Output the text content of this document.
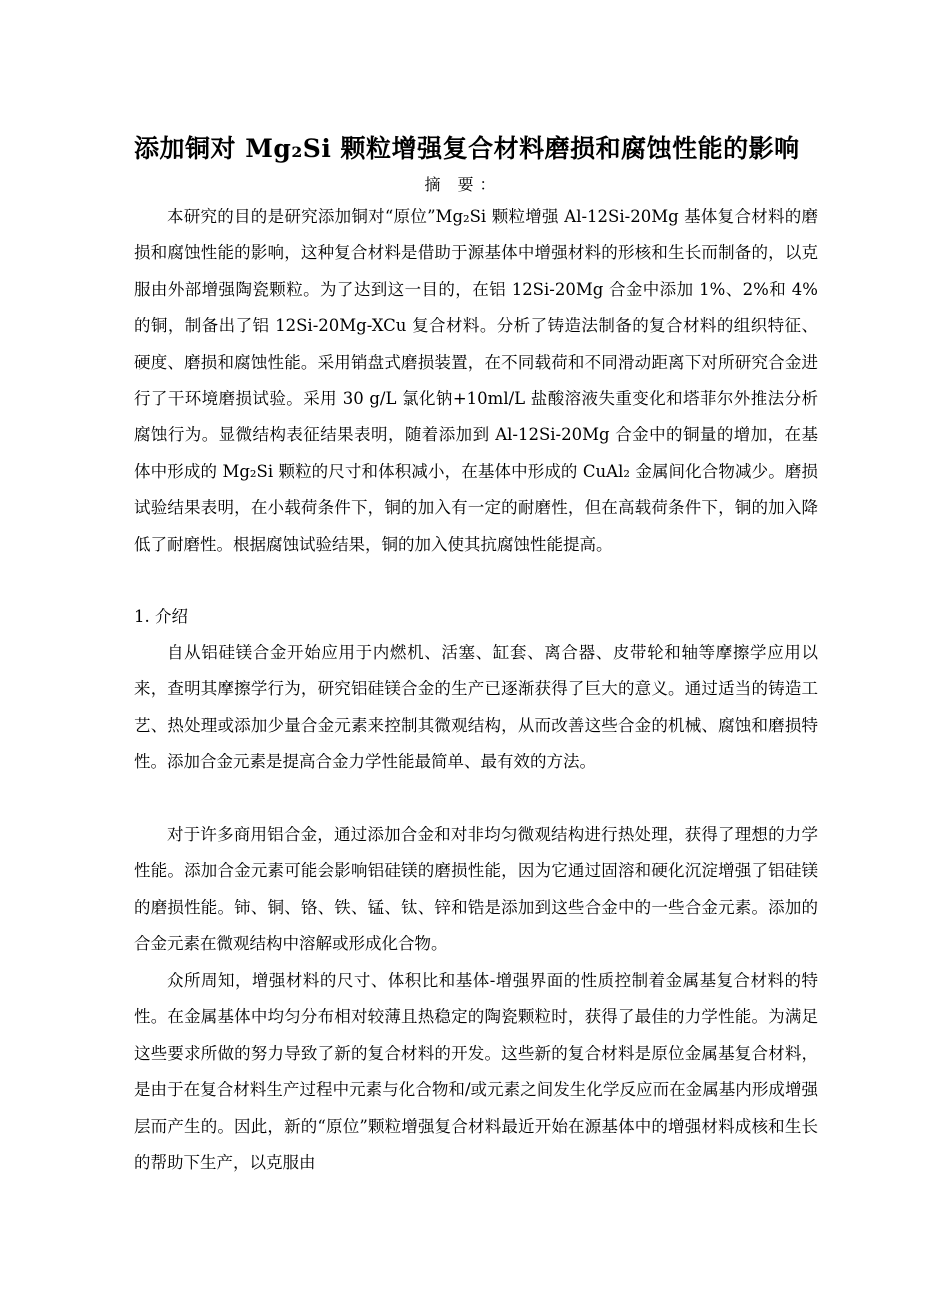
添加铜对 Mg₂Si 颗粒增强复合材料磨损和腐蚀性能的影响
摘 要：
本研究的目的是研究添加铜对“原位”Mg₂Si 颗粒增强 Al-12Si-20Mg 基体复合材料的磨损和腐蚀性能的影响，这种复合材料是借助于源基体中增强材料的形核和生长而制备的，以克服由外部增强陶瓷颗粒。为了达到这一目的，在铝 12Si-20Mg 合金中添加 1%、2%和 4%的铜，制备出了铝 12Si-20Mg-XCu 复合材料。分析了铸造法制备的复合材料的组织特征、硬度、磨损和腐蚀性能。采用销盘式磨损装置，在不同载荷和不同滑动距离下对所研究合金进行了干环境磨损试验。采用 30 g/L 氯化钠+10ml/L 盐酸溶液失重变化和塔菲尔外推法分析腐蚀行为。显微结构表征结果表明，随着添加到 Al-12Si-20Mg 合金中的铜量的增加，在基体中形成的 Mg₂Si 颗粒的尺寸和体积减小，在基体中形成的 CuAl₂ 金属间化合物减少。磨损试验结果表明，在小载荷条件下，铜的加入有一定的耐磨性，但在高载荷条件下，铜的加入降低了耐磨性。根据腐蚀试验结果，铜的加入使其抗腐蚀性能提高。
1. 介绍
自从铝硅镁合金开始应用于内燃机、活塞、缸套、离合器、皮带轮和轴等摩擦学应用以来，查明其摩擦学行为，研究铝硅镁合金的生产已逐渐获得了巨大的意义。通过适当的铸造工艺、热处理或添加少量合金元素来控制其微观结构，从而改善这些合金的机械、腐蚀和磨损特性。添加合金元素是提高合金力学性能最简单、最有效的方法。
对于许多商用铝合金，通过添加合金和对非均匀微观结构进行热处理，获得了理想的力学性能。添加合金元素可能会影响铝硅镁的磨损性能，因为它通过固溶和硬化沉淀增强了铝硅镁的磨损性能。铈、铜、铬、铁、锰、钛、锌和锆是添加到这些合金中的一些合金元素。添加的合金元素在微观结构中溶解或形成化合物。
众所周知，增强材料的尺寸、体积比和基体-增强界面的性质控制着金属基复合材料的特性。在金属基体中均匀分布相对较薄且热稳定的陶瓷颗粒时，获得了最佳的力学性能。为满足这些要求所做的努力导致了新的复合材料的开发。这些新的复合材料是原位金属基复合材料，是由于在复合材料生产过程中元素与化合物和/或元素之间发生化学反应而在金属基内形成增强层而产生的。因此，新的“原位”颗粒增强复合材料最近开始在源基体中的增强材料成核和生长的帮助下生产，以克服由
